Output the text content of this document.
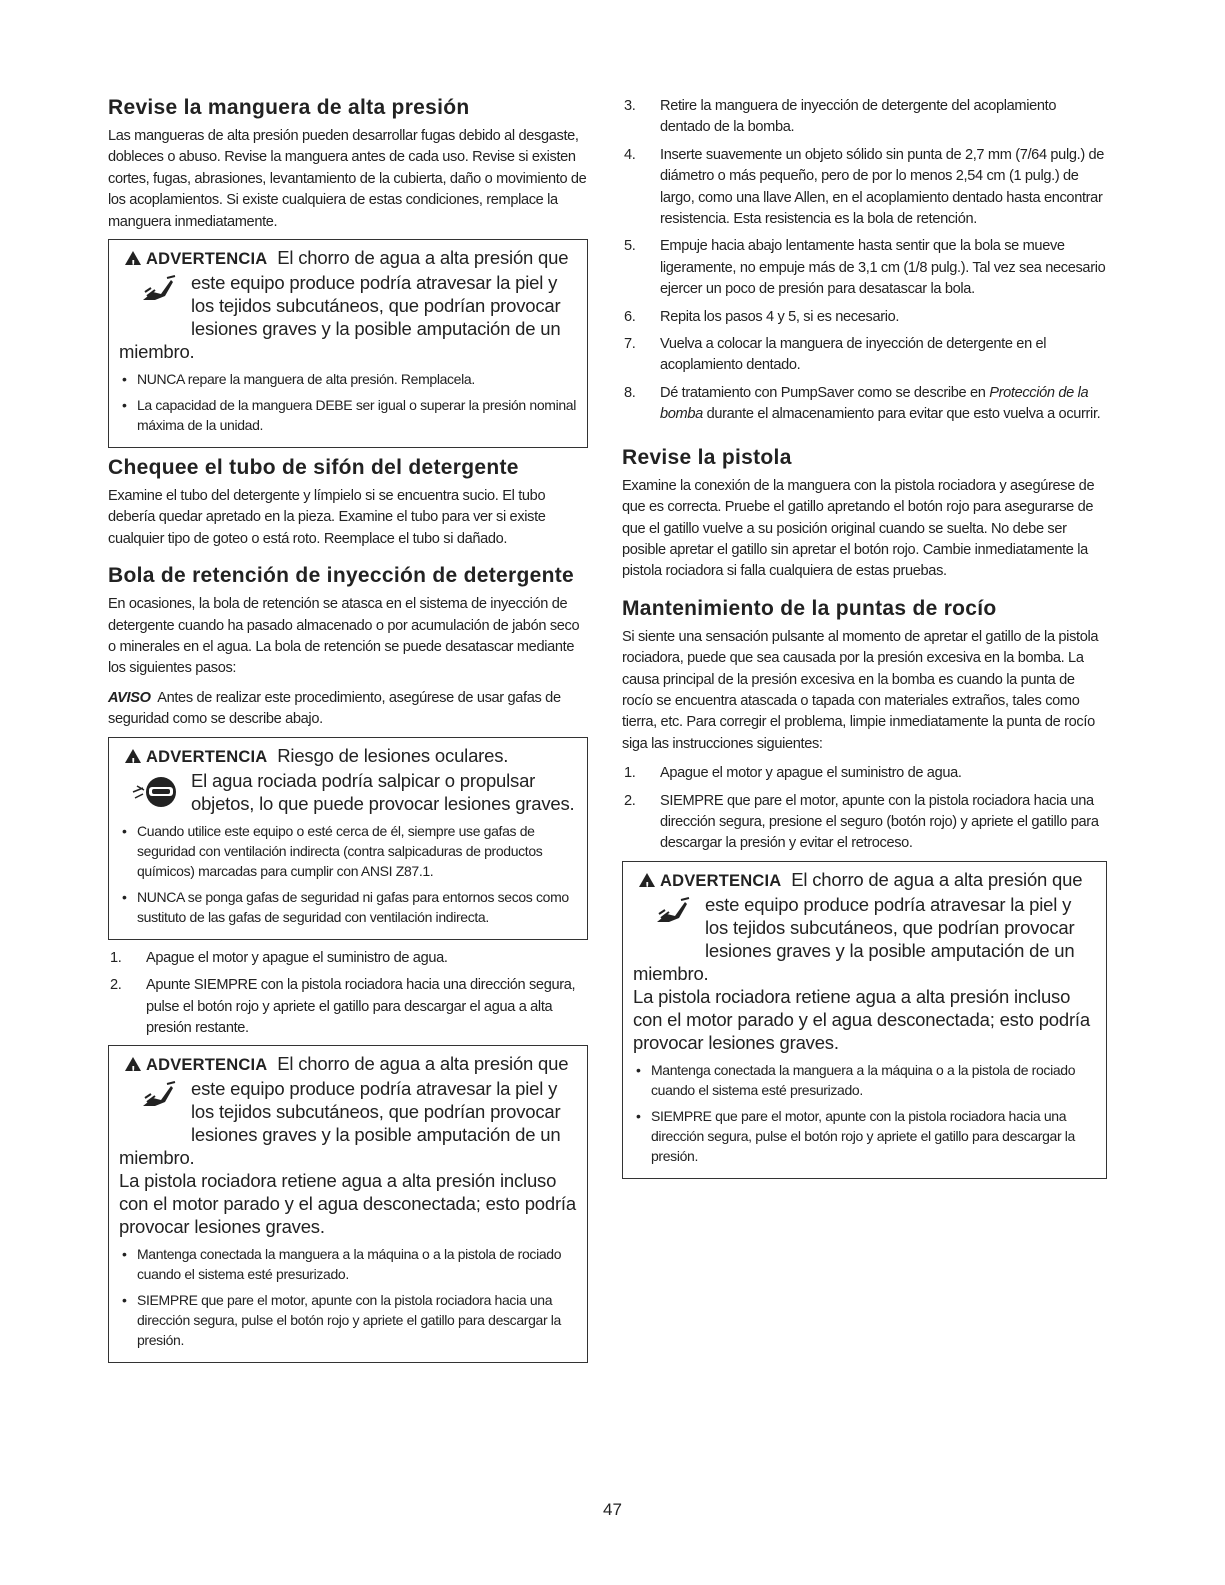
Revise la manguera de alta presión

Las mangueras de alta presión pueden desarrollar fugas debido al desgaste, dobleces o abuso. Revise la manguera antes de cada uso. Revise si existen cortes, fugas, abrasiones, levantamiento de la cubierta, daño o movimiento de los acoplamientos. Si existe cualquiera de estas condiciones, remplace la manguera inmediatamente.

!ADVERTENCIA El chorro de agua a alta presión que
este equipo produce podría atravesar la piel y
los tejidos subcutáneos, que podrían provocar
lesiones graves y la posible amputación de un
miembro.
• NUNCA repare la manguera de alta presión. Remplacela.
• La capacidad de la manguera DEBE ser igual o superar la presión nominal máxima de la unidad.
Chequee el tubo de sifón del detergente

Examine el tubo del detergente y límpielo si se encuentra sucio. El tubo debería quedar apretado en la pieza. Examine el tubo para ver si existe cualquier tipo de goteo o está roto. Reemplace el tubo si dañado.

Bola de retención de inyección de detergente

En ocasiones, la bola de retención se atasca en el sistema de inyección de detergente cuando ha pasado almacenado o por acumulación de jabón seco o minerales en el agua. La bola de retención se puede desatascar mediante los siguientes pasos:

AVISO Antes de realizar este procedimiento, asegúrese de usar gafas de seguridad como se describe abajo.

!ADVERTENCIA Riesgo de lesiones oculares.
El agua rociada podría salpicar o propulsar
objetos, lo que puede provocar lesiones graves.
• Cuando utilice este equipo o esté cerca de él, siempre use gafas de seguridad con ventilación indirecta (contra salpicaduras de productos químicos) marcadas para cumplir con ANSI Z87.1.
• NUNCA se ponga gafas de seguridad ni gafas para entornos secos como sustituto de las gafas de seguridad con ventilación indirecta.
1. Apague el motor y apague el suministro de agua.
2. Apunte SIEMPRE con la pistola rociadora hacia una dirección segura, pulse el botón rojo y apriete el gatillo para descargar el agua a alta presión restante.
!ADVERTENCIA El chorro de agua a alta presión que
este equipo produce podría atravesar la piel y
los tejidos subcutáneos, que podrían provocar
lesiones graves y la posible amputación de un
miembro.
La pistola rociadora retiene agua a alta presión incluso con el motor parado y el agua desconectada; esto podría provocar lesiones graves.
• Mantenga conectada la manguera a la máquina o a la pistola de rociado cuando el sistema esté presurizado.
• SIEMPRE que pare el motor, apunte con la pistola rociadora hacia una dirección segura, pulse el botón rojo y apriete el gatillo para descargar la presión.
3. Retire la manguera de inyección de detergente del acoplamiento dentado de la bomba.
4. Inserte suavemente un objeto sólido sin punta de 2,7 mm (7/64 pulg.) de diámetro o más pequeño, pero de por lo menos 2,54 cm (1 pulg.) de largo, como una llave Allen, en el acoplamiento dentado hasta encontrar resistencia. Esta resistencia es la bola de retención.
5. Empuje hacia abajo lentamente hasta sentir que la bola se mueve ligeramente, no empuje más de 3,1 cm (1/8 pulg.). Tal vez sea necesario ejercer un poco de presión para desatascar la bola.
6. Repita los pasos 4 y 5, si es necesario.
7. Vuelva a colocar la manguera de inyección de detergente en el acoplamiento dentado.
8. Dé tratamiento con PumpSaver como se describe en Protección de la bomba durante el almacenamiento para evitar que esto vuelva a ocurrir.
Revise la pistola

Examine la conexión de la manguera con la pistola rociadora y asegúrese de que es correcta. Pruebe el gatillo apretando el botón rojo para asegurarse de que el gatillo vuelve a su posición original cuando se suelta. No debe ser posible apretar el gatillo sin apretar el botón rojo. Cambie inmediatamente la pistola rociadora si falla cualquiera de estas pruebas.

Mantenimiento de la puntas de rocío

Si siente una sensación pulsante al momento de apretar el gatillo de la pistola rociadora, puede que sea causada por la presión excesiva en la bomba. La causa principal de la presión excesiva en la bomba es cuando la punta de rocío se encuentra atascada o tapada con materiales extraños, tales como tierra, etc. Para corregir el problema, limpie inmediatamente la punta de rocío siga las instrucciones siguientes:

1. Apague el motor y apague el suministro de agua.
2. SIEMPRE que pare el motor, apunte con la pistola rociadora hacia una dirección segura, presione el seguro (botón rojo) y apriete el gatillo para descargar la presión y evitar el retroceso.
!ADVERTENCIA El chorro de agua a alta presión que
este equipo produce podría atravesar la piel y
los tejidos subcutáneos, que podrían provocar
lesiones graves y la posible amputación de un
miembro.
La pistola rociadora retiene agua a alta presión incluso con el motor parado y el agua desconectada; esto podría provocar lesiones graves.
• Mantenga conectada la manguera a la máquina o a la pistola de rociado cuando el sistema esté presurizado.
• SIEMPRE que pare el motor, apunte con la pistola rociadora hacia una dirección segura, pulse el botón rojo y apriete el gatillo para descargar la presión.
47
